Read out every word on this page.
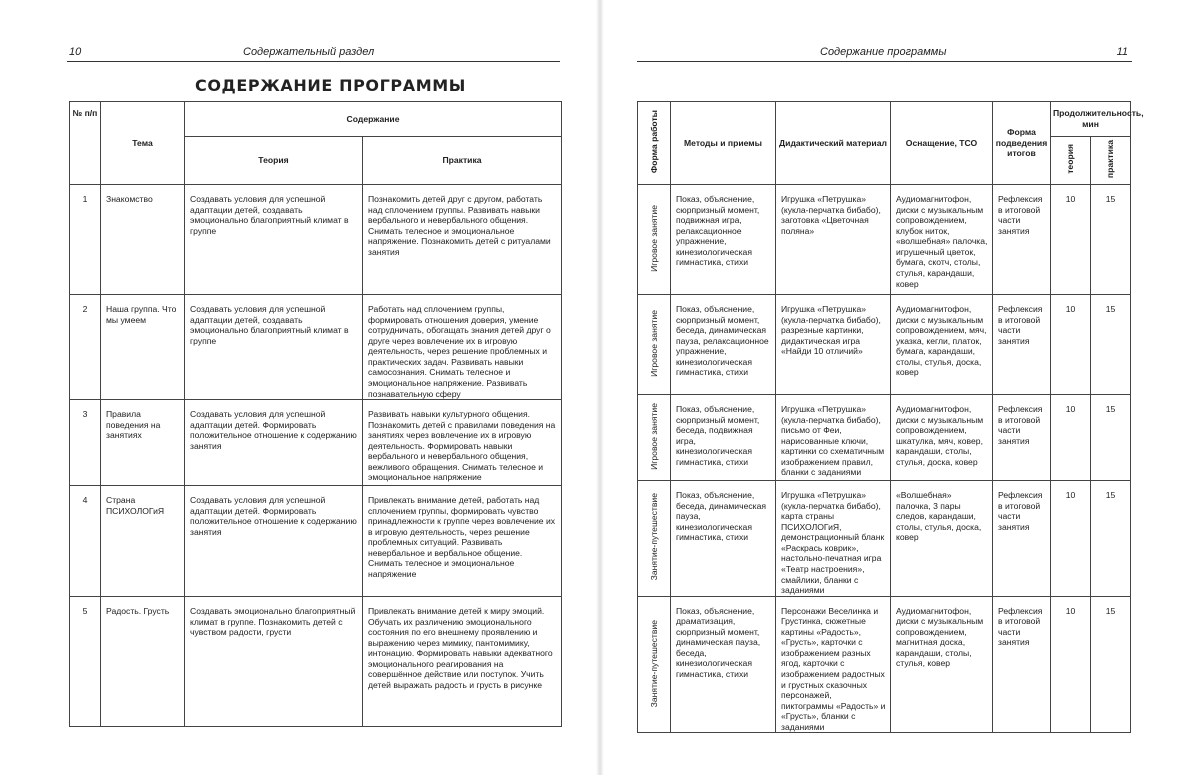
10	Содержательный раздел
СОДЕРЖАНИЕ ПРОГРАММЫ
№ п/п	Тема	Содержание	
		Теория	Практика
1	Знакомство	Создавать условия для успешной адаптации детей, создавать эмоционально благоприятный климат в группе	Познакомить детей друг с другом, работать над сплочением группы. Развивать навыки вербального и невербального общения. Снимать телесное и эмоциональное напряжение. Познакомить детей с ритуалами занятия
2	Наша группа. Что мы умеем	Создавать условия для успешной адаптации детей, создавать эмоционально благоприятный климат в группе	Работать над сплочением группы, формировать отношения доверия, умение сотрудничать, обогащать знания детей друг о друге через вовлечение их в игровую деятельность, через решение проблемных и практических задач. Развивать навыки самосознания. Снимать телесное и эмоциональное напряжение. Развивать познавательную сферу
3	Правила поведения на занятиях	Создавать условия для успешной адаптации детей. Формировать положительное отношение к содержанию занятия	Развивать навыки культурного общения. Познакомить детей с правилами поведения на занятиях через вовлечение их в игровую деятельность. Формировать навыки вербального и невербального общения, вежливого обращения. Снимать телесное и эмоциональное напряжение
4	Страна ПСИХОЛОГиЯ	Создавать условия для успешной адаптации детей. Формировать положительное отношение к содержанию занятия	Привлекать внимание детей, работать над сплочением группы, формировать чувство принадлежности к группе через вовлечение их в игровую деятельность, через решение проблемных ситуаций. Развивать невербальное и вербальное общение. Снимать телесное и эмоциональное напряжение
5	Радость. Грусть	Создавать эмоционально благоприятный климат в группе. Познакомить детей с чувством радости, грусти	Привлекать внимание детей к миру эмоций. Обучать их различению эмоционального состояния по его внешнему проявлению и выражению через мимику, пантомимику, интонацию. Формировать навыки адекватного эмоционального реагирования на совершённое действие или поступок. Учить детей выражать радость и грусть в рисунке
Содержание программы	11
Форма работы	Методы и приемы	Дидактический материал	Оснащение, ТСО	Форма подведения итогов	Продолжительность, мин	
					теория	практика
Игровое занятие	Показ, объяснение, сюрпризный момент, подвижная игра, релаксационное упражнение, кинезиологическая гимнастика, стихи	Игрушка «Петрушка» (кукла-перчатка бибабо), заготовка «Цветочная поляна»	Аудиомагнитофон, диски с музыкальным сопровождением, клубок ниток, «волшебная» палочка, игрушечный цветок, бумага, скотч, столы, стулья, карандаши, ковер	Рефлексия в итоговой части занятия	10	15
Игровое занятие	Показ, объяснение, сюрпризный момент, беседа, динамическая пауза, релаксационное упражнение, кинезиологическая гимнастика, стихи	Игрушка «Петрушка» (кукла-перчатка бибабо), разрезные картинки, дидактическая игра «Найди 10 отличий»	Аудиомагнитофон, диски с музыкальным сопровождением, мяч, указка, кегли, платок, бумага, карандаши, столы, стулья, доска, ковер	Рефлексия в итоговой части занятия	10	15
Игровое занятие	Показ, объяснение, сюрпризный момент, беседа, подвижная игра, кинезиологическая гимнастика, стихи	Игрушка «Петрушка» (кукла-перчатка бибабо), письмо от Феи, нарисованные ключи, картинки со схематичным изображением правил, бланки с заданиями	Аудиомагнитофон, диски с музыкальным сопровождением, шкатулка, мяч, ковер, карандаши, столы, стулья, доска, ковер	Рефлексия в итоговой части занятия	10	15
Занятие-путешествие	Показ, объяснение, беседа, динамическая пауза, кинезиологическая гимнастика, стихи	Игрушка «Петрушка» (кукла-перчатка бибабо), карта страны ПСИХОЛОГиЯ, демонстрационный бланк «Раскрась коврик», настольно-печатная игра «Театр настроения», смайлики, бланки с заданиями	«Волшебная» палочка, 3 пары следов, карандаши, столы, стулья, доска, ковер	Рефлексия в итоговой части занятия	10	15
Занятие-путешествие	Показ, объяснение, драматизация, сюрпризный момент, динамическая пауза, беседа, кинезиологическая гимнастика, стихи	Персонажи Веселинка и Грустинка, сюжетные картины «Радость», «Грусть», карточки с изображением разных ягод, карточки с изображением радостных и грустных сказочных персонажей, пиктограммы «Радость» и «Грусть», бланки с заданиями	Аудиомагнитофон, диски с музыкальным сопровождением, магнитная доска, карандаши, столы, стулья, ковер	Рефлексия в итоговой части занятия	10	15
